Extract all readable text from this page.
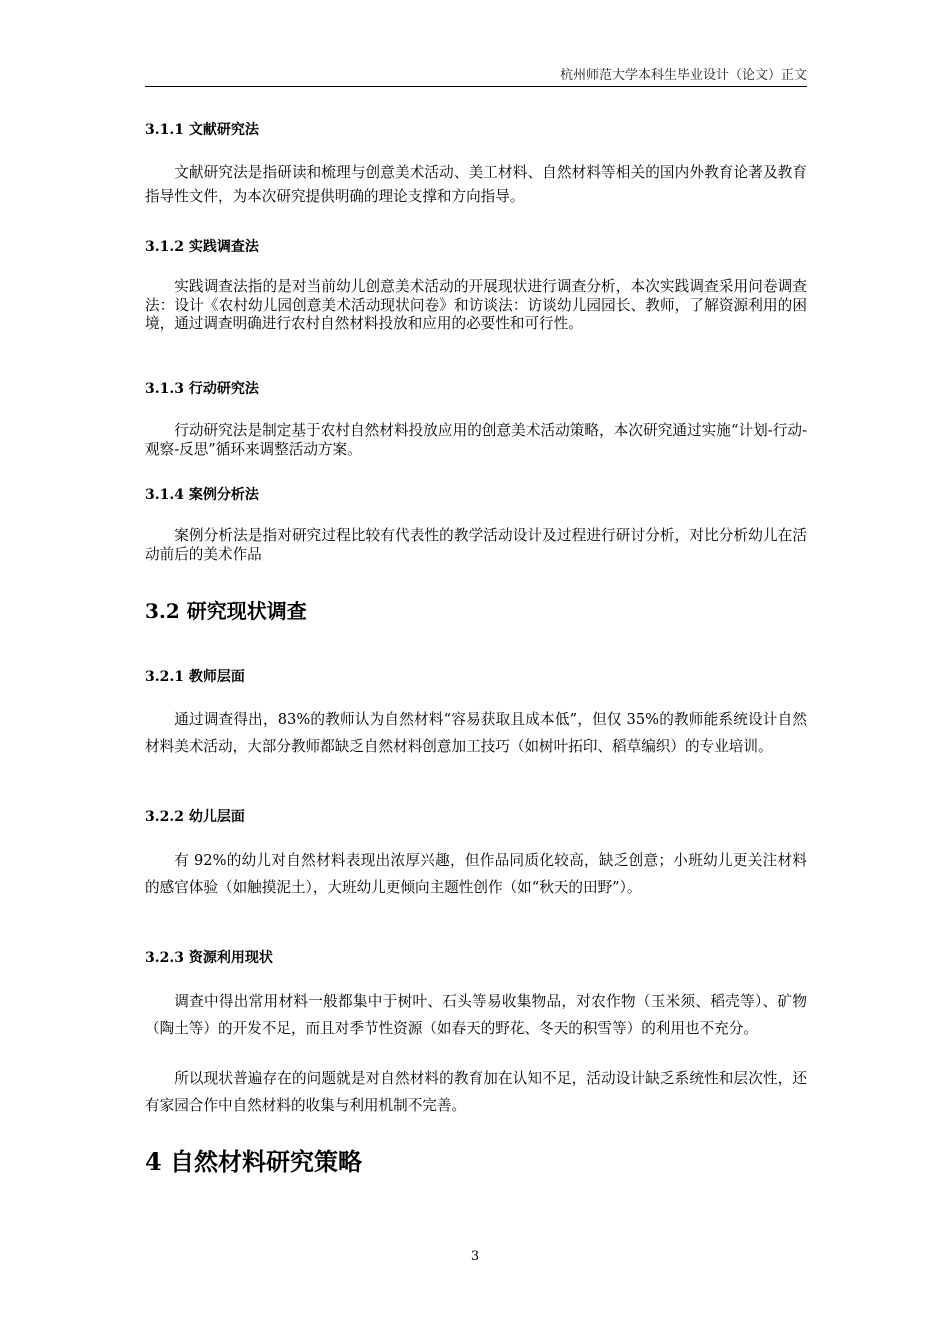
杭州师范大学本科生毕业设计（论文）正文
3.1.1 文献研究法
文献研究法是指研读和梳理与创意美术活动、美工材料、自然材料等相关的国内外教育论著及教育指导性文件，为本次研究提供明确的理论支撑和方向指导。
3.1.2 实践调查法
实践调查法指的是对当前幼儿创意美术活动的开展现状进行调查分析，本次实践调查采用问卷调查法：设计《农村幼儿园创意美术活动现状问卷》和访谈法：访谈幼儿园园长、教师，了解资源利用的困境，通过调查明确进行农村自然材料投放和应用的必要性和可行性。
3.1.3 行动研究法
行动研究法是制定基于农村自然材料投放应用的创意美术活动策略，本次研究通过实施“计划-行动-观察-反思”循环来调整活动方案。
3.1.4 案例分析法
案例分析法是指对研究过程比较有代表性的教学活动设计及过程进行研讨分析，对比分析幼儿在活动前后的美术作品
3.2 研究现状调查
3.2.1 教师层面
通过调查得出，83%的教师认为自然材料“容易获取且成本低”，但仅 35%的教师能系统设计自然材料美术活动，大部分教师都缺乏自然材料创意加工技巧（如树叶拓印、稻草编织）的专业培训。
3.2.2 幼儿层面
有 92%的幼儿对自然材料表现出浓厚兴趣，但作品同质化较高，缺乏创意；小班幼儿更关注材料的感官体验（如触摸泥土），大班幼儿更倾向主题性创作（如“秋天的田野”）。
3.2.3 资源利用现状
调查中得出常用材料一般都集中于树叶、石头等易收集物品，对农作物（玉米须、稻壳等）、矿物（陶土等）的开发不足，而且对季节性资源（如春天的野花、冬天的积雪等）的利用也不充分。
所以现状普遍存在的问题就是对自然材料的教育加在认知不足，活动设计缺乏系统性和层次性，还有家园合作中自然材料的收集与利用机制不完善。
4 自然材料研究策略
3
